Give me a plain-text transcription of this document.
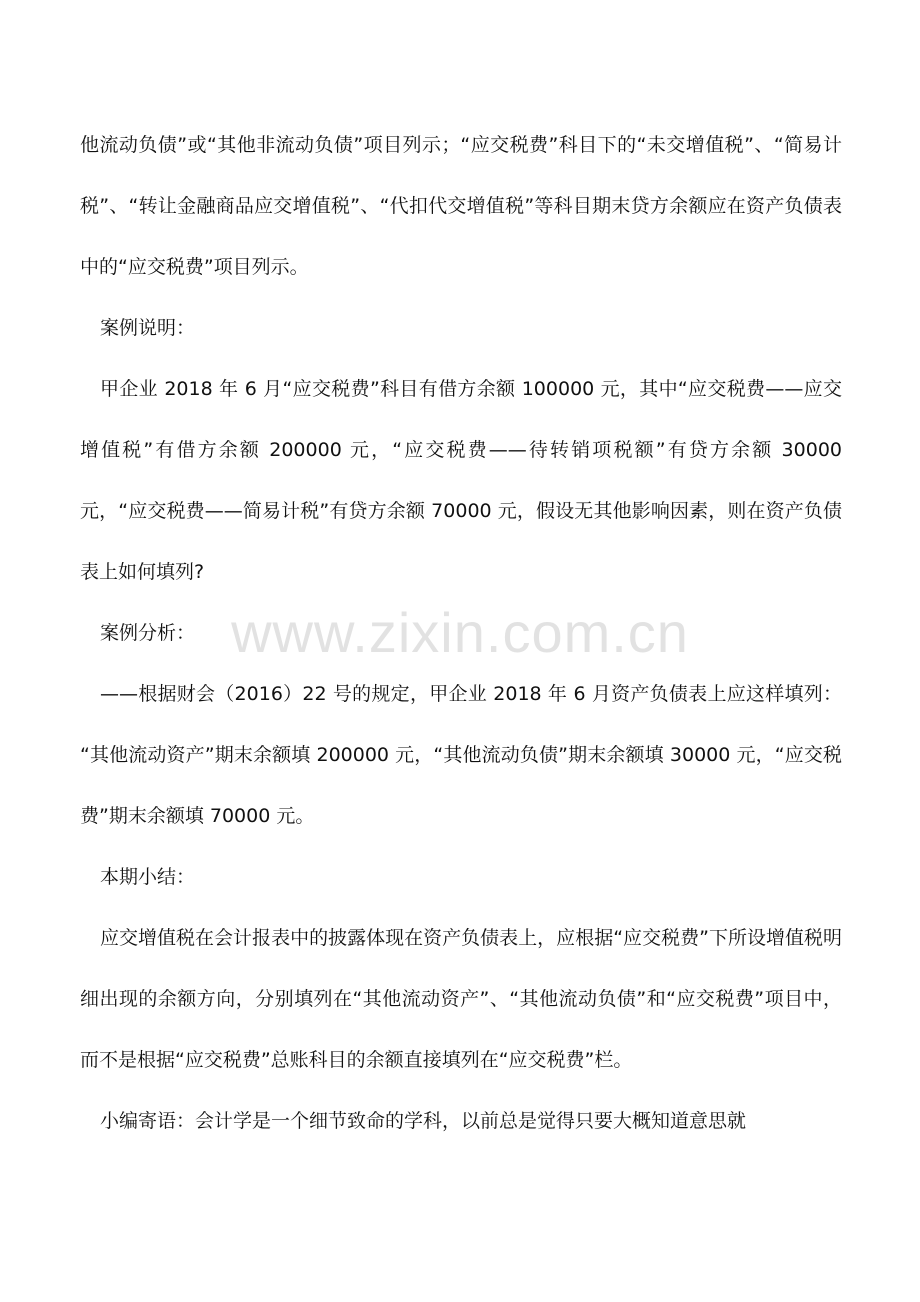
他流动负债”或“其他非流动负债”项目列示；“应交税费”科目下的“未交增值税”、“简易计税”、“转让金融商品应交增值税”、“代扣代交增值税”等科目期末贷方余额应在资产负债表中的“应交税费”项目列示。

案例说明：

甲企业 2018 年 6 月“应交税费”科目有借方余额 100000 元，其中“应交税费——应交增值税”有借方余额 200000 元，“应交税费——待转销项税额”有贷方余额 30000 元，“应交税费——简易计税”有贷方余额 70000 元，假设无其他影响因素，则在资产负债表上如何填列?

案例分析：

——根据财会（2016）22 号的规定，甲企业 2018 年 6 月资产负债表上应这样填列： “其他流动资产”期末余额填 200000 元，“其他流动负债”期末余额填 30000 元，“应交税费”期末余额填 70000 元。

本期小结：

应交增值税在会计报表中的披露体现在资产负债表上，应根据“应交税费”下所设增值税明细出现的余额方向，分别填列在“其他流动资产”、“其他流动负债”和“应交税费”项目中，而不是根据“应交税费”总账科目的余额直接填列在“应交税费”栏。

小编寄语：会计学是一个细节致命的学科，以前总是觉得只要大概知道意思就

www.zixin.com.cn
